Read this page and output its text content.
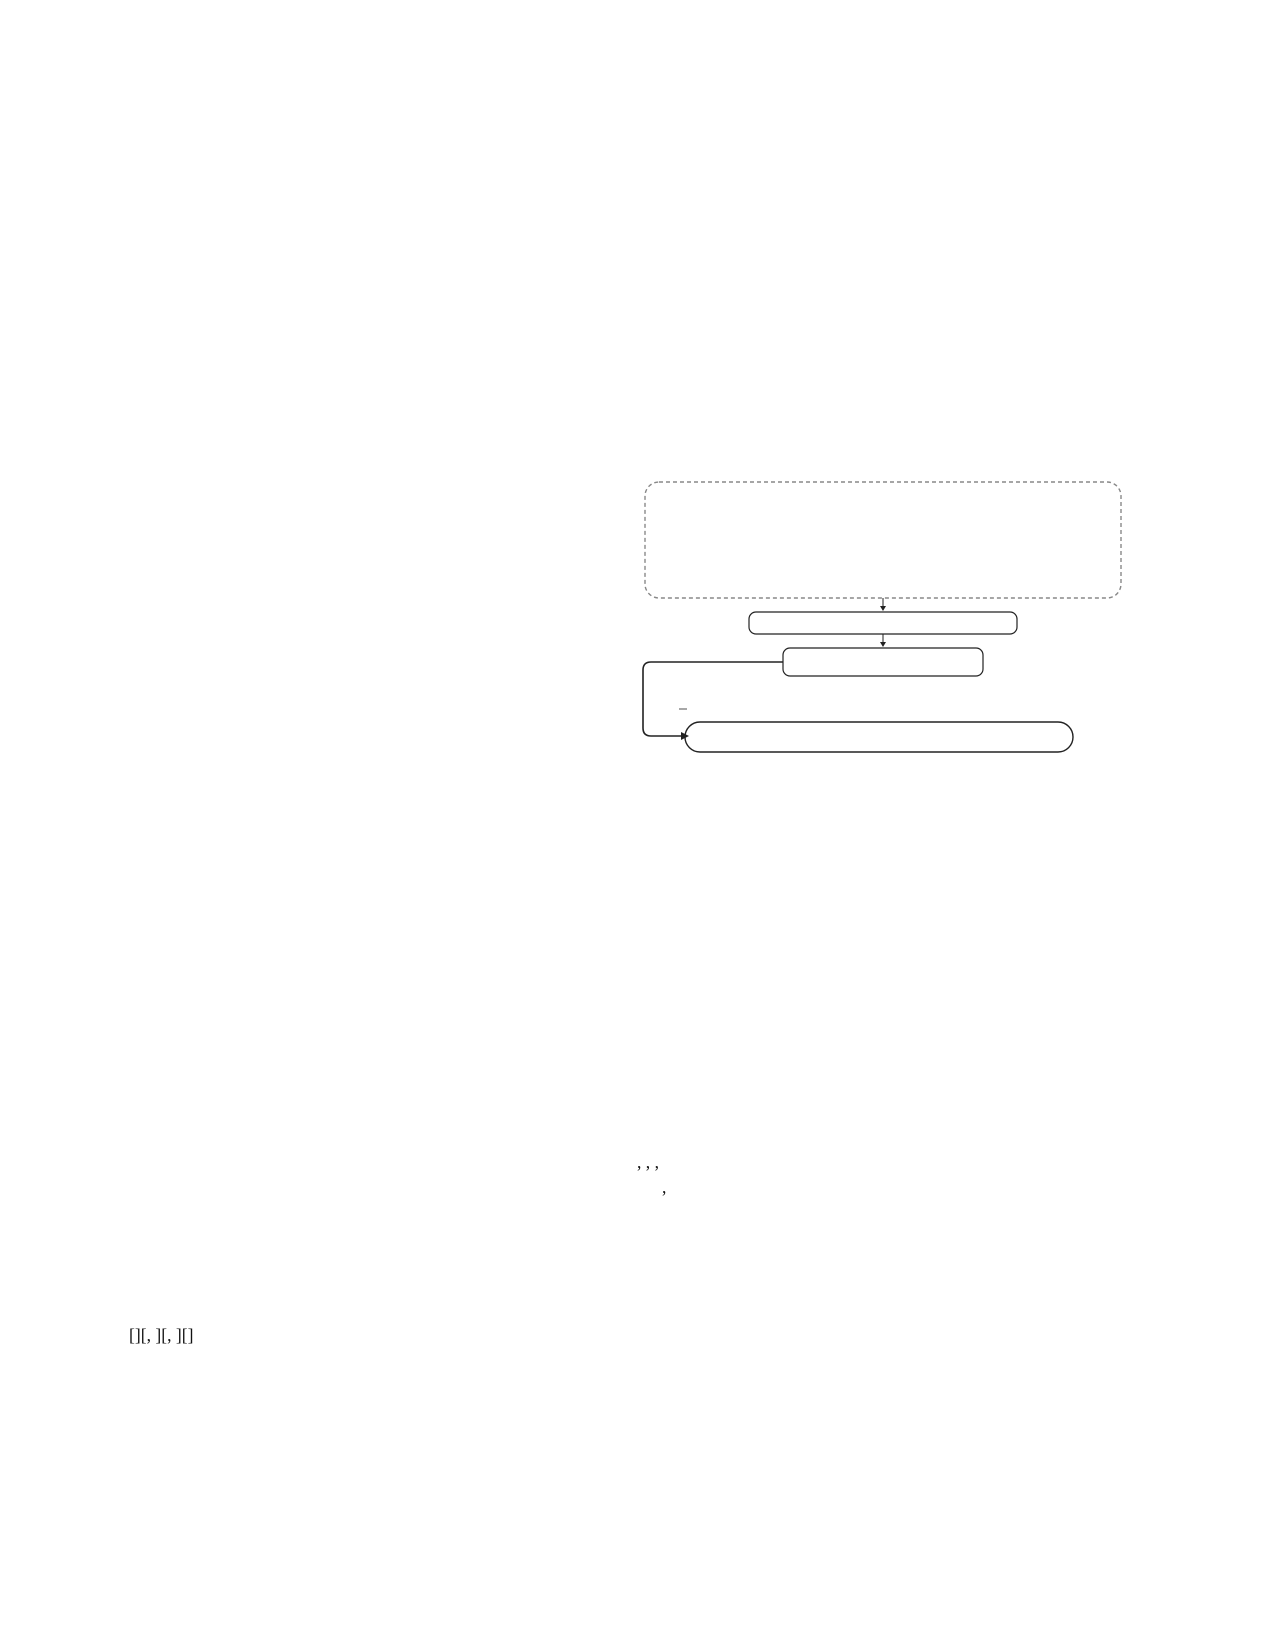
[][, ][, ][]
, , ,
,
